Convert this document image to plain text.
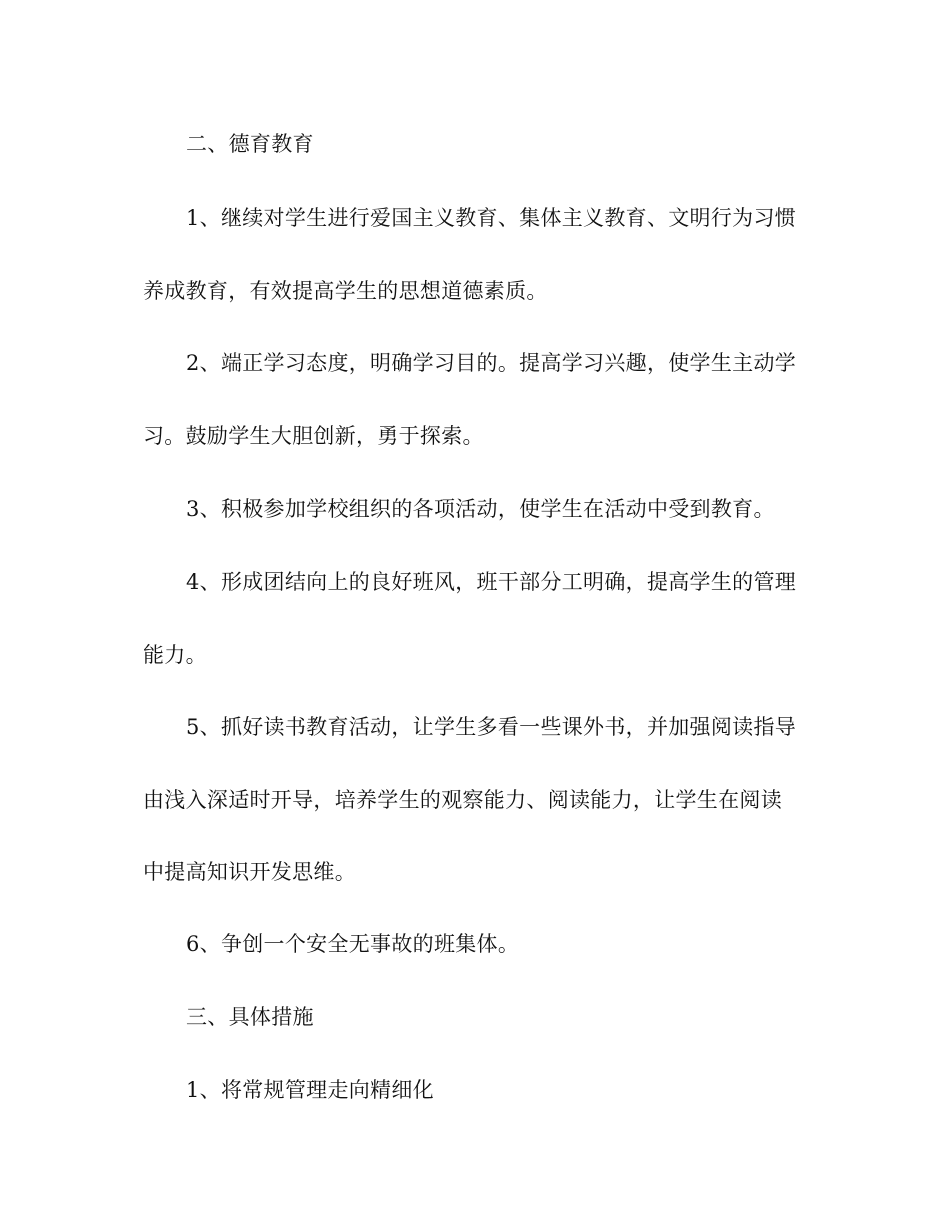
二、德育教育
1、继续对学生进行爱国主义教育、集体主义教育、文明行为习惯
养成教育，有效提高学生的思想道德素质。
2、端正学习态度，明确学习目的。提高学习兴趣，使学生主动学
习。鼓励学生大胆创新，勇于探索。
3、积极参加学校组织的各项活动，使学生在活动中受到教育。
4、形成团结向上的良好班风，班干部分工明确，提高学生的管理
能力。
5、抓好读书教育活动，让学生多看一些课外书，并加强阅读指导
由浅入深适时开导，培养学生的观察能力、阅读能力，让学生在阅读
中提高知识开发思维。
6、争创一个安全无事故的班集体。
三、具体措施
1、将常规管理走向精细化
